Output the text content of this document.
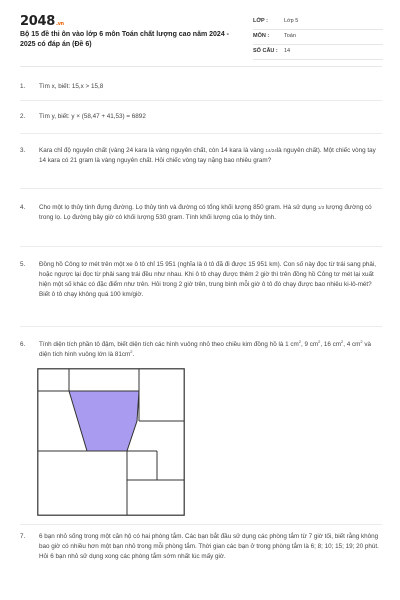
2048.vn
Bộ 15 đề thi ôn vào lớp 6 môn Toán chất lượng cao năm 2024 - 2025 có đáp án (Đề 6)
LỚP :	Lớp 5
MÔN :	Toán
SỐ CÂU : 14
1. Tìm x, biết: 15,x > 15,8
2. Tìm y, biết: y × (58,47 + 41,53) = 6892
3. Kara chỉ độ nguyên chất (vàng 24 kara là vàng nguyên chất, còn 14 kara là vàng 14/24là nguyên chất). Một chiếc vòng tay 14 kara có 21 gram là vàng nguyên chất. Hỏi chiếc vòng tay nặng bao nhiêu gram?
4. Cho một lọ thủy tinh đựng đường. Lọ thủy tinh và đường có tổng khối lượng 850 gram. Hà sử dụng 1/3 lượng đường có trong lọ. Lọ đường bây giờ có khối lượng 530 gram. Tính khối lượng của lọ thủy tinh.
5. Đồng hồ Công tơ mét trên một xe ô tô chỉ 15 951 (nghĩa là ô tô đã đi được 15 951 km). Con số này đọc từ trái sang phải, hoặc ngược lại đọc từ phải sang trái đều như nhau. Khi ô tô chạy được thêm 2 giờ thì trên đồng hồ Công tơ mét lại xuất hiện một số khác có đặc điểm như trên. Hỏi trong 2 giờ trên, trung bình mỗi giờ ô tô đó chạy được bao nhiêu ki-lô-mét? Biết ô tô chạy không quá 100 km/giờ.
6. Tính diện tích phần tô đậm, biết diện tích các hình vuông nhỏ theo chiều kim đồng hồ là 1 $cm^2$, 9 $cm^2$, 16 $cm^2$, 4 $cm^2$ và diện tích hình vuông lớn là $81cm^2$.
7. 6 bạn nhỏ sống trong một căn hộ có hai phòng tắm. Các bạn bắt đầu sử dụng các phòng tắm từ 7 giờ tối, biết rằng không bao giờ có nhiều hơn một bạn nhỏ trong mỗi phòng tắm. Thời gian các bạn ở trong phòng tắm là 6; 8; 10; 15; 19; 20 phút. Hỏi 6 bạn nhỏ sử dụng xong các phòng tắm sớm nhất lúc mấy giờ.
